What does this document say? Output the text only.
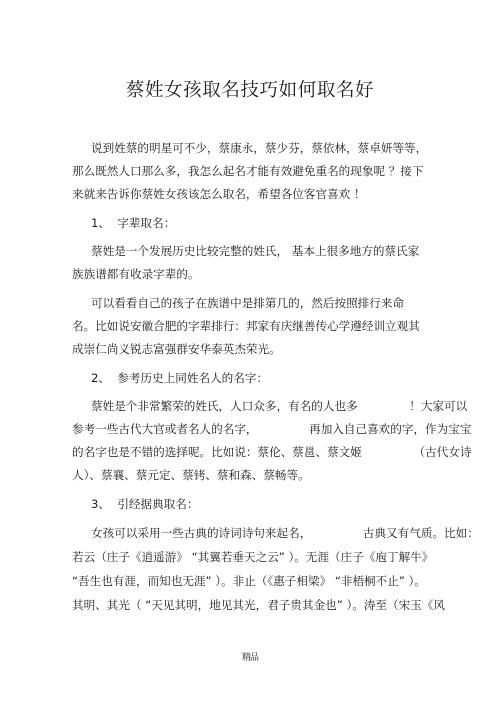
蔡姓女孩取名技巧如何取名好
说到姓蔡的明星可不少，蔡康永，蔡少芬，蔡依林，蔡卓妍等等，
那么既然人口那么多，我怎么起名才能有效避免重名的现象呢 ？接下
来就来告诉你蔡姓女孩该怎么取名，希望各位客官喜欢 ！
1、  字辈取名：
蔡姓是一个发展历史比较完整的姓氏， 基本上很多地方的蔡氏家
族族谱都有收录字辈的。
可以看看自己的孩子在族谱中是排第几的，然后按照排行来命
名。比如说安徽合肥的字辈排行：邦家有庆继善传心学遵经训立观其
成崇仁尚义锐志富强群安华泰英杰荣光。
2、  参考历史上同姓名人的名字：
蔡姓是个非常繁荣的姓氏，人口众多，有名的人也多              ！大家可以
参考一些古代大官或者名人的名字，              再加入自己喜欢的字，作为宝宝
的名字也是不错的选择呢。比如说：蔡伦、蔡邕、蔡文姬              （古代女诗
人）、蔡襄、蔡元定、蔡铐、蔡和森、蔡畅等。
3、  引经据典取名：
女孩可以采用一些古典的诗词诗句来起名，              古典又有气质。比如：
若云（庄子《逍遥游》 “其翼若垂天之云” ）。无涯（庄子《庖丁解牛》
“吾生也有涯，而知也无涯” ）。非止（《惠子相梁》 “非梧桐不止” ）。
其明、其光（ “天见其明，地见其光，君子贵其金也” ）。涛至（宋玉《风
精品
